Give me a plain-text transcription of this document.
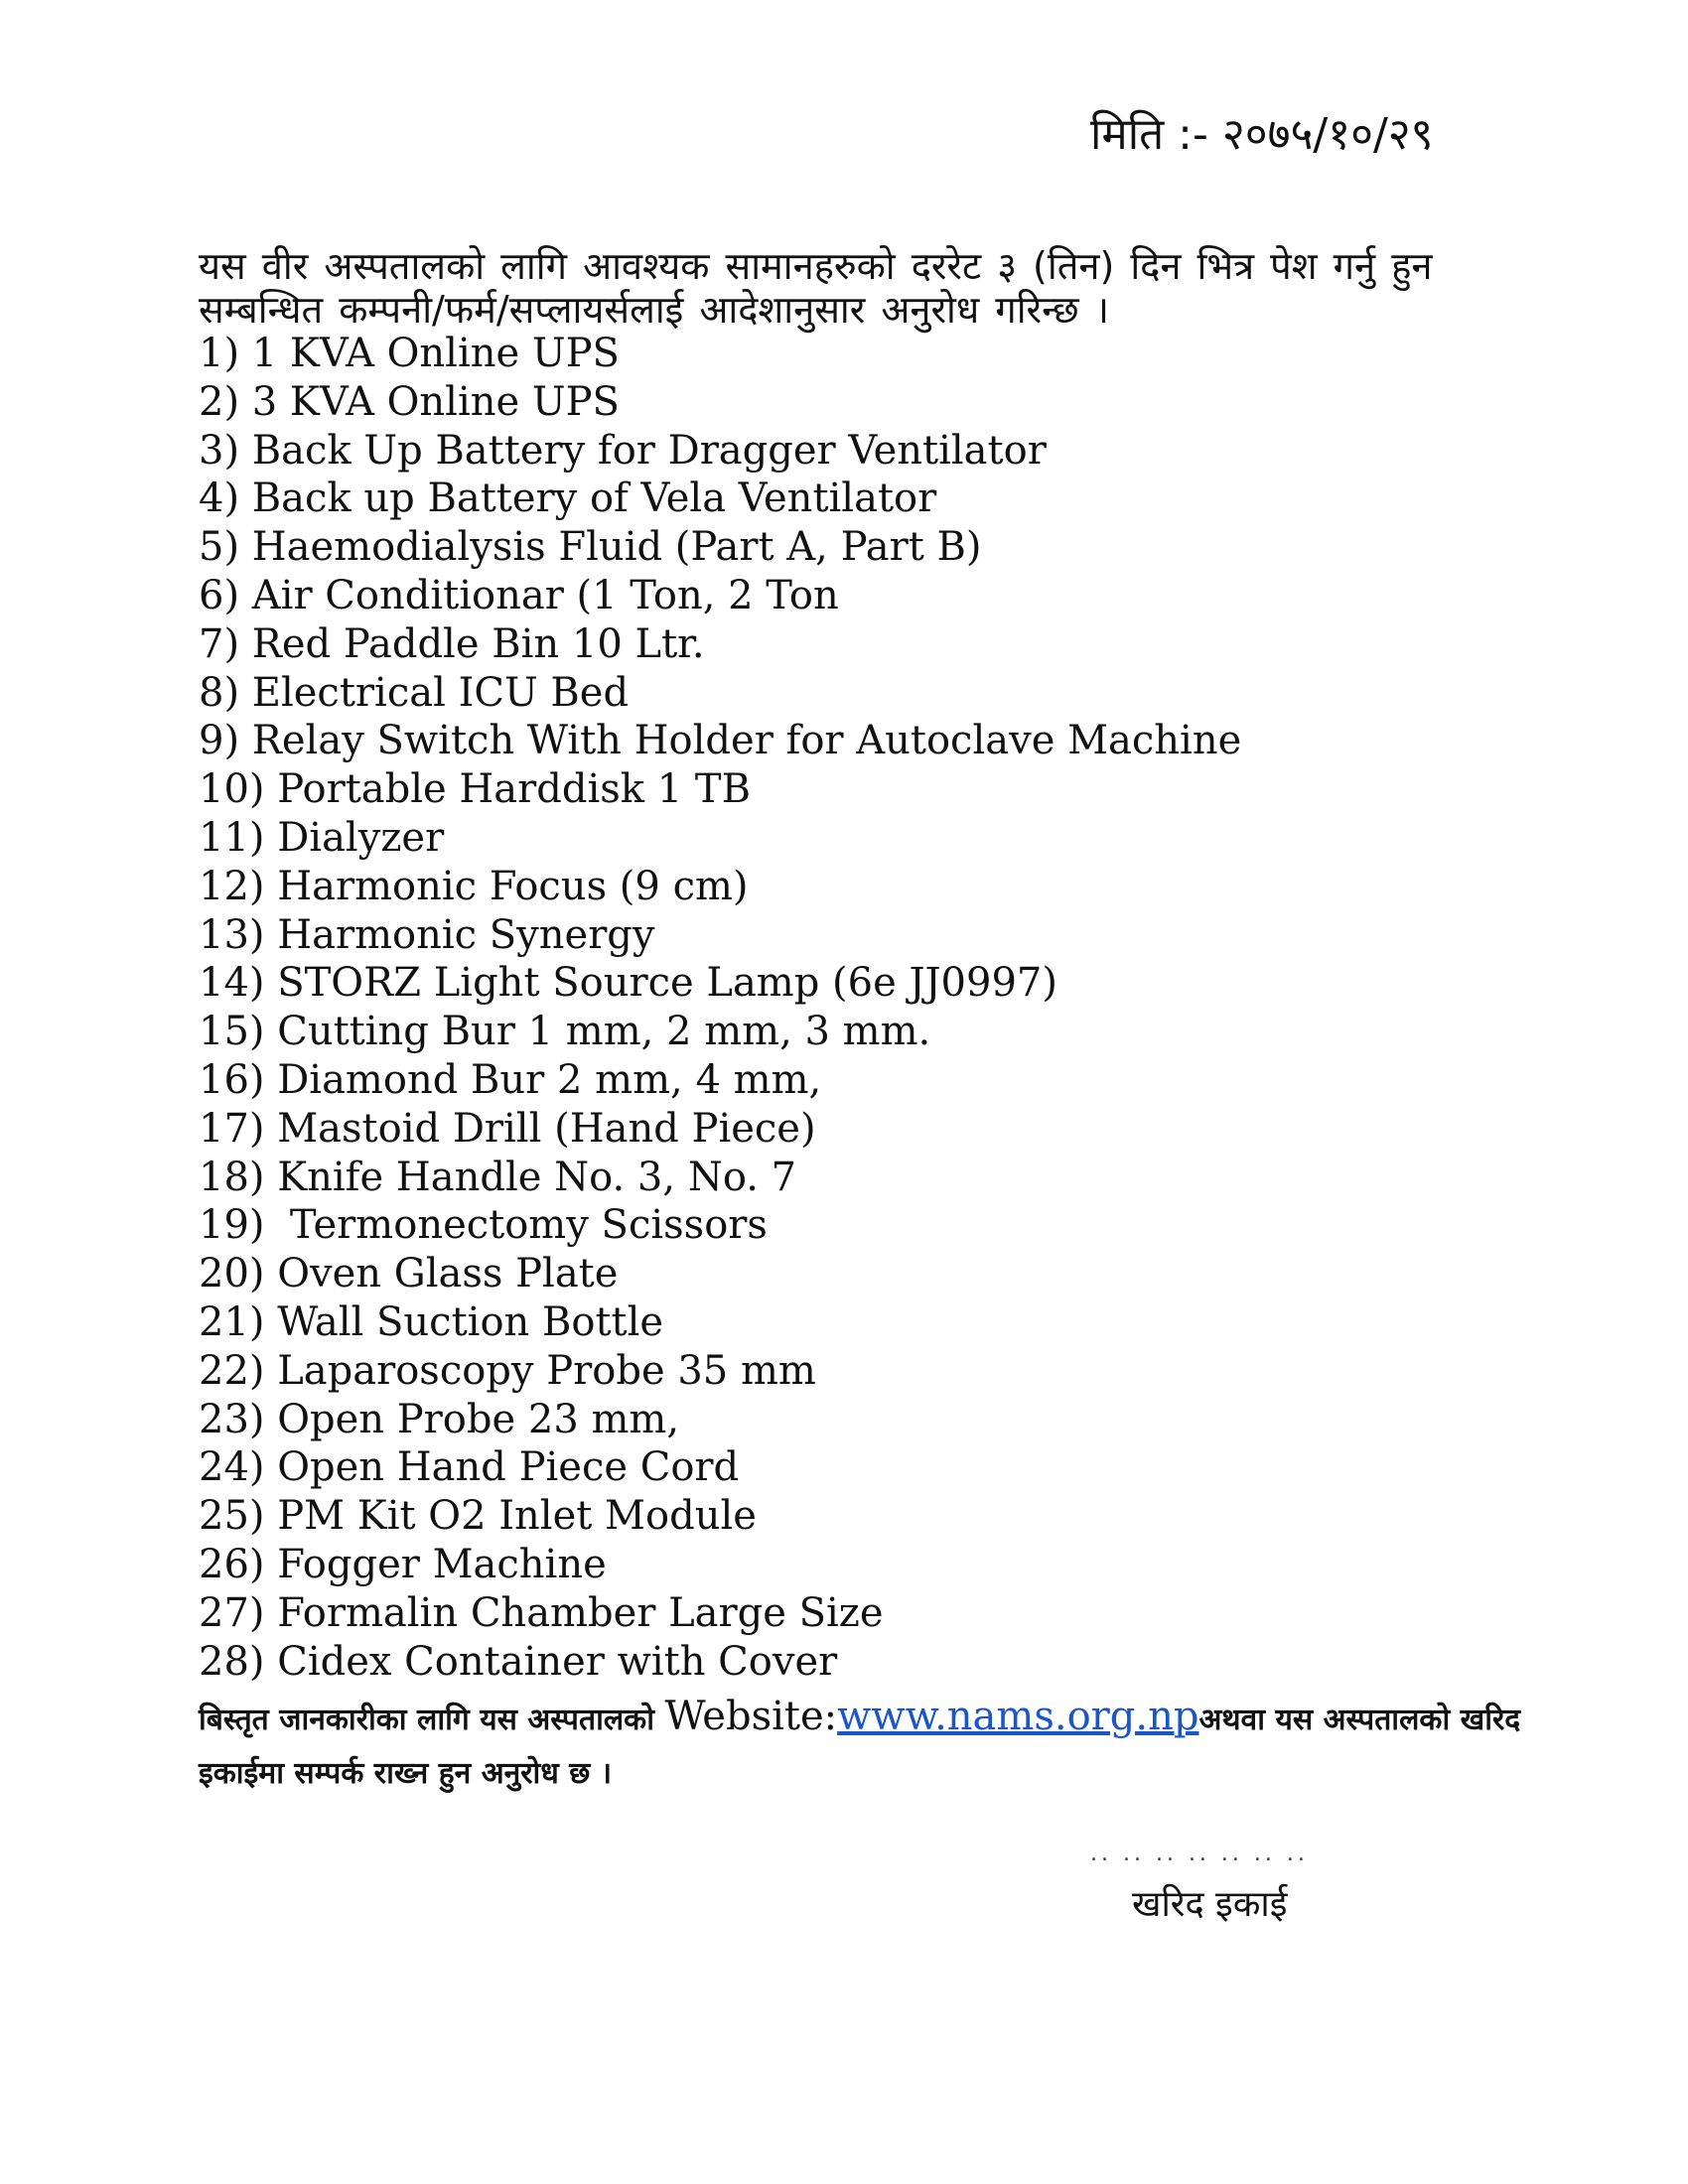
मिति :- २०७५/१०/२९
यस वीर अस्पतालको लागि आवश्यक सामानहरुको दररेट ३ (तिन) दिन भित्र पेश गर्नु हुन
सम्बन्धित कम्पनी/फर्म/सप्लायर्सलाई आदेशानुसार अनुरोध गरिन्छ ।
1) 1 KVA Online UPS
2) 3 KVA Online UPS
3) Back Up Battery for Dragger Ventilator
4) Back up Battery of Vela Ventilator
5) Haemodialysis Fluid (Part A, Part B)
6) Air Conditionar (1 Ton, 2 Ton
7) Red Paddle Bin 10 Ltr.
8) Electrical ICU Bed
9) Relay Switch With Holder for Autoclave Machine
10) Portable Harddisk 1 TB
11) Dialyzer
12) Harmonic Focus (9 cm)
13) Harmonic Synergy
14) STORZ Light Source Lamp (6e JJ0997)
15) Cutting Bur 1 mm, 2 mm, 3 mm.
16) Diamond Bur 2 mm, 4 mm,
17) Mastoid Drill (Hand Piece)
18) Knife Handle No. 3, No. 7
19)  Termonectomy Scissors
20) Oven Glass Plate
21) Wall Suction Bottle
22) Laparoscopy Probe 35 mm
23) Open Probe 23 mm,
24) Open Hand Piece Cord
25) PM Kit O2 Inlet Module
26) Fogger Machine
27) Formalin Chamber Large Size
28) Cidex Container with Cover
बिस्तृत जानकारीका लागि यस अस्पतालको Website:www.nams.org.npअथवा यस अस्पतालको खरिद
इकाईमा सम्पर्क राख्न हुन अनुरोध छ ।
.. .. .. .. .. .. ..
खरिद इकाई
